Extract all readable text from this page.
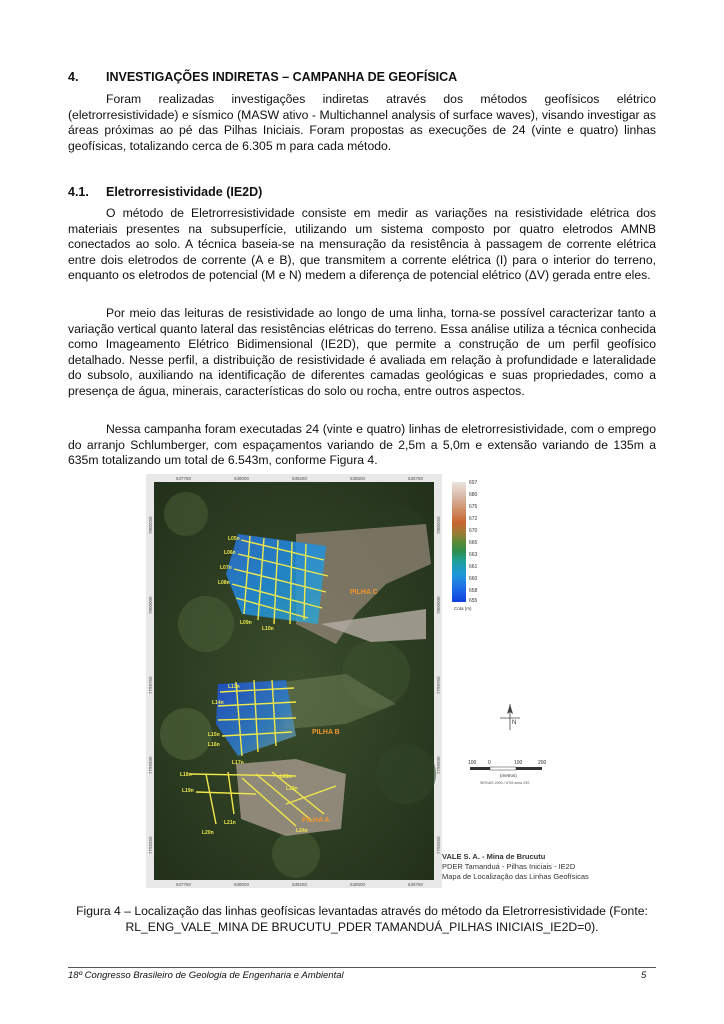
4. INVESTIGAÇÕES INDIRETAS – CAMPANHA DE GEOFÍSICA

Foram realizadas investigações indiretas através dos métodos geofísicos elétrico (eletrorresistividade) e sísmico (MASW ativo - Multichannel analysis of surface waves), visando investigar as áreas próximas ao pé das Pilhas Iniciais. Foram propostas as execuções de 24 (vinte e quatro) linhas geofísicas, totalizando cerca de 6.305 m para cada método.

4.1. Eletrorresistividade (IE2D)

O método de Eletrorresistividade consiste em medir as variações na resistividade elétrica dos materiais presentes na subsuperfície, utilizando um sistema composto por quatro eletrodos AMNB conectados ao solo. A técnica baseia-se na mensuração da resistência à passagem de corrente elétrica entre dois eletrodos de corrente (A e B), que transmitem a corrente elétrica (I) para o interior do terreno, enquanto os eletrodos de potencial (M e N) medem a diferença de potencial elétrico (ΔV) gerada entre eles.

Por meio das leituras de resistividade ao longo de uma linha, torna-se possível caracterizar tanto a variação vertical quanto lateral das resistências elétricas do terreno. Essa análise utiliza a técnica conhecida como Imageamento Elétrico Bidimensional (IE2D), que permite a construção de um perfil geofísico detalhado. Nesse perfil, a distribuição de resistividade é avaliada em relação à profundidade e lateralidade do subsolo, auxiliando na identificação de diferentes camadas geológicas e suas propriedades, como a presença de água, minerais, características do solo ou rocha, entre outros aspectos.

Nessa campanha foram executadas 24 (vinte e quatro) linhas de eletrorresistividade, com o emprego do arranjo Schlumberger, com espaçamentos variando de 2,5m a 5,0m e extensão variando de 135m a 635m totalizando um total de 6.543m, conforme Figura 4.

L05n
L06n
L07n
L08n
L09n
L10n
L13n
L14n
L15n
L16n
L17n
L18n
L19n
L20n
L21n
L22n
L23n
L24n
PILHA C
PILHA B
PILHA A
637750	638000	638250	638500	638750
637750	638000	638250	638500	638750
7800250
7800000
7799750
7799500
7799250
7800250
7800000
7799750
7799500
7799250
697
680
675
672
670
665
663
661
660
658
655
Cota (m)
N
100 0	100	200
(metros)
SIRGAS 2000 / UTM zona 23S
VALE S. A. - Mina de Brucutu
PDER Tamanduá - Pilhas Iniciais - IE2D
Mapa de Localização das Linhas Geofísicas
Figura 4 – Localização das linhas geofísicas levantadas através do método da Eletrorresistividade (Fonte: RL_ENG_VALE_MINA DE BRUCUTU_PDER TAMANDUÁ_PILHAS INICIAIS_IE2D=0).
18º Congresso Brasileiro de Geologia de Engenharia e Ambiental	5
